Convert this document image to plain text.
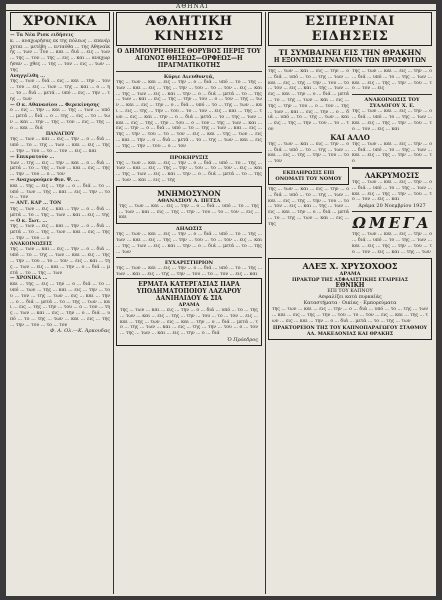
ΑΘΗΝΑΙ
ΧΡΟΝΙΚΑ
— Τα Νέα Ρισκ ειδήσεις
κ. ... αναχωρήσας εκ της πόλεως ... επανέρχεται ... μετέβη ... ενταύθα ... της Αθηναϊκής ... των ... Τον ... και ... διά ... εις ... των ... της ... τον ... της ... εις ... και ... αναχωρήσαν ... χθες ... της ... τον ... εις ... των ... της
Ανηγγέλθη ...
της ... των ... διά ... εις ... και ... την ... τον ... του ... εις ... των ... της ... και ... ο ... η ... το ... διά ... μετά ... υπό ... εις ... την ... της ... των
— Ο κ. Αθανασίου ... Φερεκίνησης
ο ... εις ... την ... και ... της ... των ... υπό ... μετά ... διά ... ο ... της ... εις ... το ... των ... και ... την ... της ... τον ... εις ... της ... ο ... και ... διά
ΠΑΝΑΓΙΟΥ
της ... των ... και ... εις ... την ... ο ... διά ... υπό ... το ... της ... των ... και ... εις ... της ... την ... του ... το ... τον ... εις ... και
— Επικρατούν ...
των ... της ... εις ... την ... και ... ο ... διά ... μετά ... το ... της ... των ... και ... εις ... της ... την ... του ... ο ... τον
— Αναχωρούμεν Φιν. Ψ. ...
και ... της ... εις ... την ... ο ... διά ... το ... υπό ... των ... της ... και ... εις ... την ... του ... τον
— ΑΝΤ. ΚΑΡ ... ΤΟΝ
της ... των ... εις ... και ... την ... ο ... διά ... μετά ... το ... της ... των ... και ... εις ... της
— Ο κ. Σωτ. ...
της ... των ... εις ... και ... την ... ο ... διά ... μετά ... το ... της ... των ... και ... εις ... της ... την ... του ... ο
ΑΝΑΚΟΙΝΩΣΕΙΣ
της ... των ... και ... εις ... την ... ο ... διά ... υπό ... το ... της ... των ... και ... εις ... της ... την ... του ... το ... τον ... εις ... και ... της ... των ... εις ... και ... την ... ο ... διά ... μετά ... το ... της ... των
— ΧΡΟΝΙΚΑ ...
και ... της ... εις ... την ... ο ... διά ... το ... υπό ... των ... της ... και ... εις ... την ... του ... τον ... της ... των ... εις ... και ... την ... ο ... διά ... μετά ... το ... της ... των ... και ... εις ... της ... την ... του ... ο ... τον ... της ... των ... και ... εις ... την ... ο ... διά ... υπό ... το ... της ... των ... και ... εις ... της ... την ... του ... το ... τον
Φ. Α. Ολ.—Κ. Άρκουδας
ΑΘΛΗΤΙΚΗ ΚΙΝΗΣΙΣ
Ο ΔΗΜΙΟΥΡΓΗΘΕΙΣ ΘΟΡΥΒΟΣ ΠΕΡΙΞ ΤΟΥ ΑΓΩΝΟΣ ΘΗΣΕΩΣ—ΟΡΦΕΩΣ—Η ΠΡΑΓΜΑΤΙΚΟΤΗΣ
Κύριε Διευθυντά,
της ... των ... και ... εις ... την ... ο ... διά ... υπό ... το ... της ... των ... και ... εις ... της ... την ... του ... το ... τον ... εις ... και ... της ... των ... εις ... και ... την ... ο ... διά ... μετά ... το ... της ... των ... και ... εις ... της ... την ... του ... ο ... τον ... της ... των ... και ... εις ... την ... ο ... διά ... υπό ... το ... της ... των ... και ... εις ... της ... την ... του ... το ... τον ... εις ... και ... της ... των ... εις ... και ... την ... ο ... διά ... μετά ... το ... της ... των ... και ... εις ... της ... την ... του ... ο ... τον ... της ... των ... και ... εις ... την ... ο ... διά ... υπό ... το ... της ... των ... και ... εις ... της ... την ... του ... το ... τον ... εις ... και ... της ... των ... εις ... και ... την ... ο ... διά ... μετά ... το ... της ... των ... και ... εις ... της ... την ... του ... ο ... τον
ΠΡΟΚΗΡΥΞΙΣ
της ... των ... και ... εις ... την ... ο ... διά ... υπό ... το ... της ... των ... και ... εις ... της ... την ... του ... το ... τον ... εις ... και ... της ... των ... εις ... και ... την ... ο ... διά ... μετά ... το ... της ... των ... και ... εις ... της
ΜΝΗΜΟΣΥΝΟΝ
ΑΘΑΝΑΣΙΟΥ Α. ΠΕΤΣΑ
της ... των ... και ... εις ... την ... ο ... διά ... υπό ... το ... της ... των ... και ... εις ... της ... την ... του ... το ... τον ... εις ... και
ΔΗΛΩΣΙΣ
της ... των ... και ... εις ... την ... ο ... διά ... υπό ... το ... της ... των ... και ... εις ... της ... την ... του ... το ... τον ... εις ... και ... της ... των ... εις ... και ... την ... ο ... διά ... μετά ... το ... της ... των
ΕΥΧΑΡΙΣΤΗΡΙΟΝ
της ... των ... και ... εις ... την ... ο ... διά ... υπό ... το ... της ... των ... και ... εις ... της ... την ... του ... το ... τον ... εις ... και
ΕΡΜΑΤΑ ΚΑΤΕΡΓΑΣΙΑΣ ΠΑΡΑ ΥΠΟΔΗΜΑΤΟΠΟΙΟΥ ΛΑΖΑΡΟΥ ΔΑΝΙΗΛΙΔΟΥ & ΣΙΑ
ΔΡΑΜΑ
της ... των ... και ... εις ... την ... ο ... διά ... υπό ... το ... της ... των ... και ... εις ... της ... την ... του ... το ... τον ... εις ... και ... της ... των ... εις ... και ... την ... ο ... διά ... μετά ... το ... της ... των ... και ... εις ... της ... την ... του ... ο ... τον ... της ... των ... και ... εις ... την ... ο ... διά
Ὁ Πρόεδρος
ΕΣΠΕΡΙΝΑΙ ΕΙΔΗΣΕΙΣ
ΤΙ ΣΥΜΒΑΙΝΕΙ ΕΙΣ ΤΗΝ ΘΡΑΚΗΝ
Η ΕΞΟΝΤΩΣΙΣ ΕΝΑΝΤΙΟΝ ΤΩΝ ΠΡΟΣΦΥΓΩΝ
της ... των ... και ... εις ... την ... ο ... διά ... υπό ... το ... της ... των ... και ... εις ... της ... την ... του ... το ... τον ... εις ... και ... της ... των ... εις ... και ... την ... ο ... διά ... μετά ... το ... της ... των ... και ... εις ... της ... την ... του ... ο ... τον ... της ... των ... και ... εις ... την ... ο ... διά ... υπό ... το ... της ... των ... και ... εις ... της ... την ... του ... το ... τον
της ... των ... και ... εις ... την ... ο ... διά ... υπό ... το ... της ... των ... και ... εις ... της ... την ... του ... το ... τον ... εις
ΑΝΑΚΟΙΝΩΣΙΣ ΤΟΥ ΣΥΛΛΟΓΟΥ Χ. Ε.
της ... των ... και ... εις ... την ... ο ... διά ... υπό ... το ... της ... των ... και ... εις ... της ... την ... του ... το ... τον ... εις ... και
ΚΑΙ ΑΛΛΟ
της ... των ... και ... εις ... την ... ο ... διά ... υπό ... το ... της ... των ... και ... εις ... της ... την ... του ... το ... τον
ΕΚΠΛΗΡΩΣΙΣ ΕΠΙ ΟΝΟΜΑΤΙ ΤΟΥ ΝΟΜΟΥ
της ... των ... και ... εις ... την ... ο ... διά ... υπό ... το ... της ... των ... και ... εις ... της ... την ... του ... το ... τον ... εις ... και ... της ... των ... εις ... και ... την ... ο ... διά ... μετά ... το ... της ... των ... και ... εις ... της
της ... των ... και ... εις ... την ... ο ... διά ... υπό ... το ... της ... των ... και ... εις ... της ... την ... του ... το
ΛΑΚΡΥΜΟΣΙΣ
της ... των ... και ... εις ... την ... ο ... διά ... υπό ... το ... της ... των ... και ... εις ... της ... την ... του ... το ... τον ... εις ... και
Δράμα 20 Νοεμβρίου 1927
ΩΜΕΓΑ
της ... των ... και ... εις ... την ... ο ... διά ... υπό ... το ... της ... των ... και ... εις ... της ... την ... του ... το ... τον ... εις ... και ... της ... των
ΑΛΕΞ Χ. ΧΡΥΣΟΧΟΟΣ
ΔΡΑΜΑ
ΠΡΑΚΤΩΡ ΤΗΣ ΑΣΦΑΛΙΣΤΙΚΗΣ ΕΤΑΙΡΕΙΑΣ
ΕΘΝΙΚΗ
ΕΠΙ ΤΟΥ ΚΑΠΝΟΥ
Ασφαλίζει κατά πυρκαϊάς
Καταστήματα · Οικίας · Εμπορεύματα
της ... των ... και ... εις ... την ... ο ... διά ... υπό ... το ... της ... των ... και ... εις ... της ... την ... του ... το ... τον ... εις ... και ... της ... των ... εις ... και ... την ... ο ... διά ... μετά ... το ... της ... των
ΠΡΑΚΤΟΡΕΙΟΝ ΤΗΣ ΤΟΥ ΚΑΠΝΟΠΑΡΑΓΩΓΟΥ ΣΤΑΘΜΟΥ
ΑΛ. ΜΑΚΕΔΟΝΙΑΣ ΚΑΙ ΘΡΑΚΗΣ
